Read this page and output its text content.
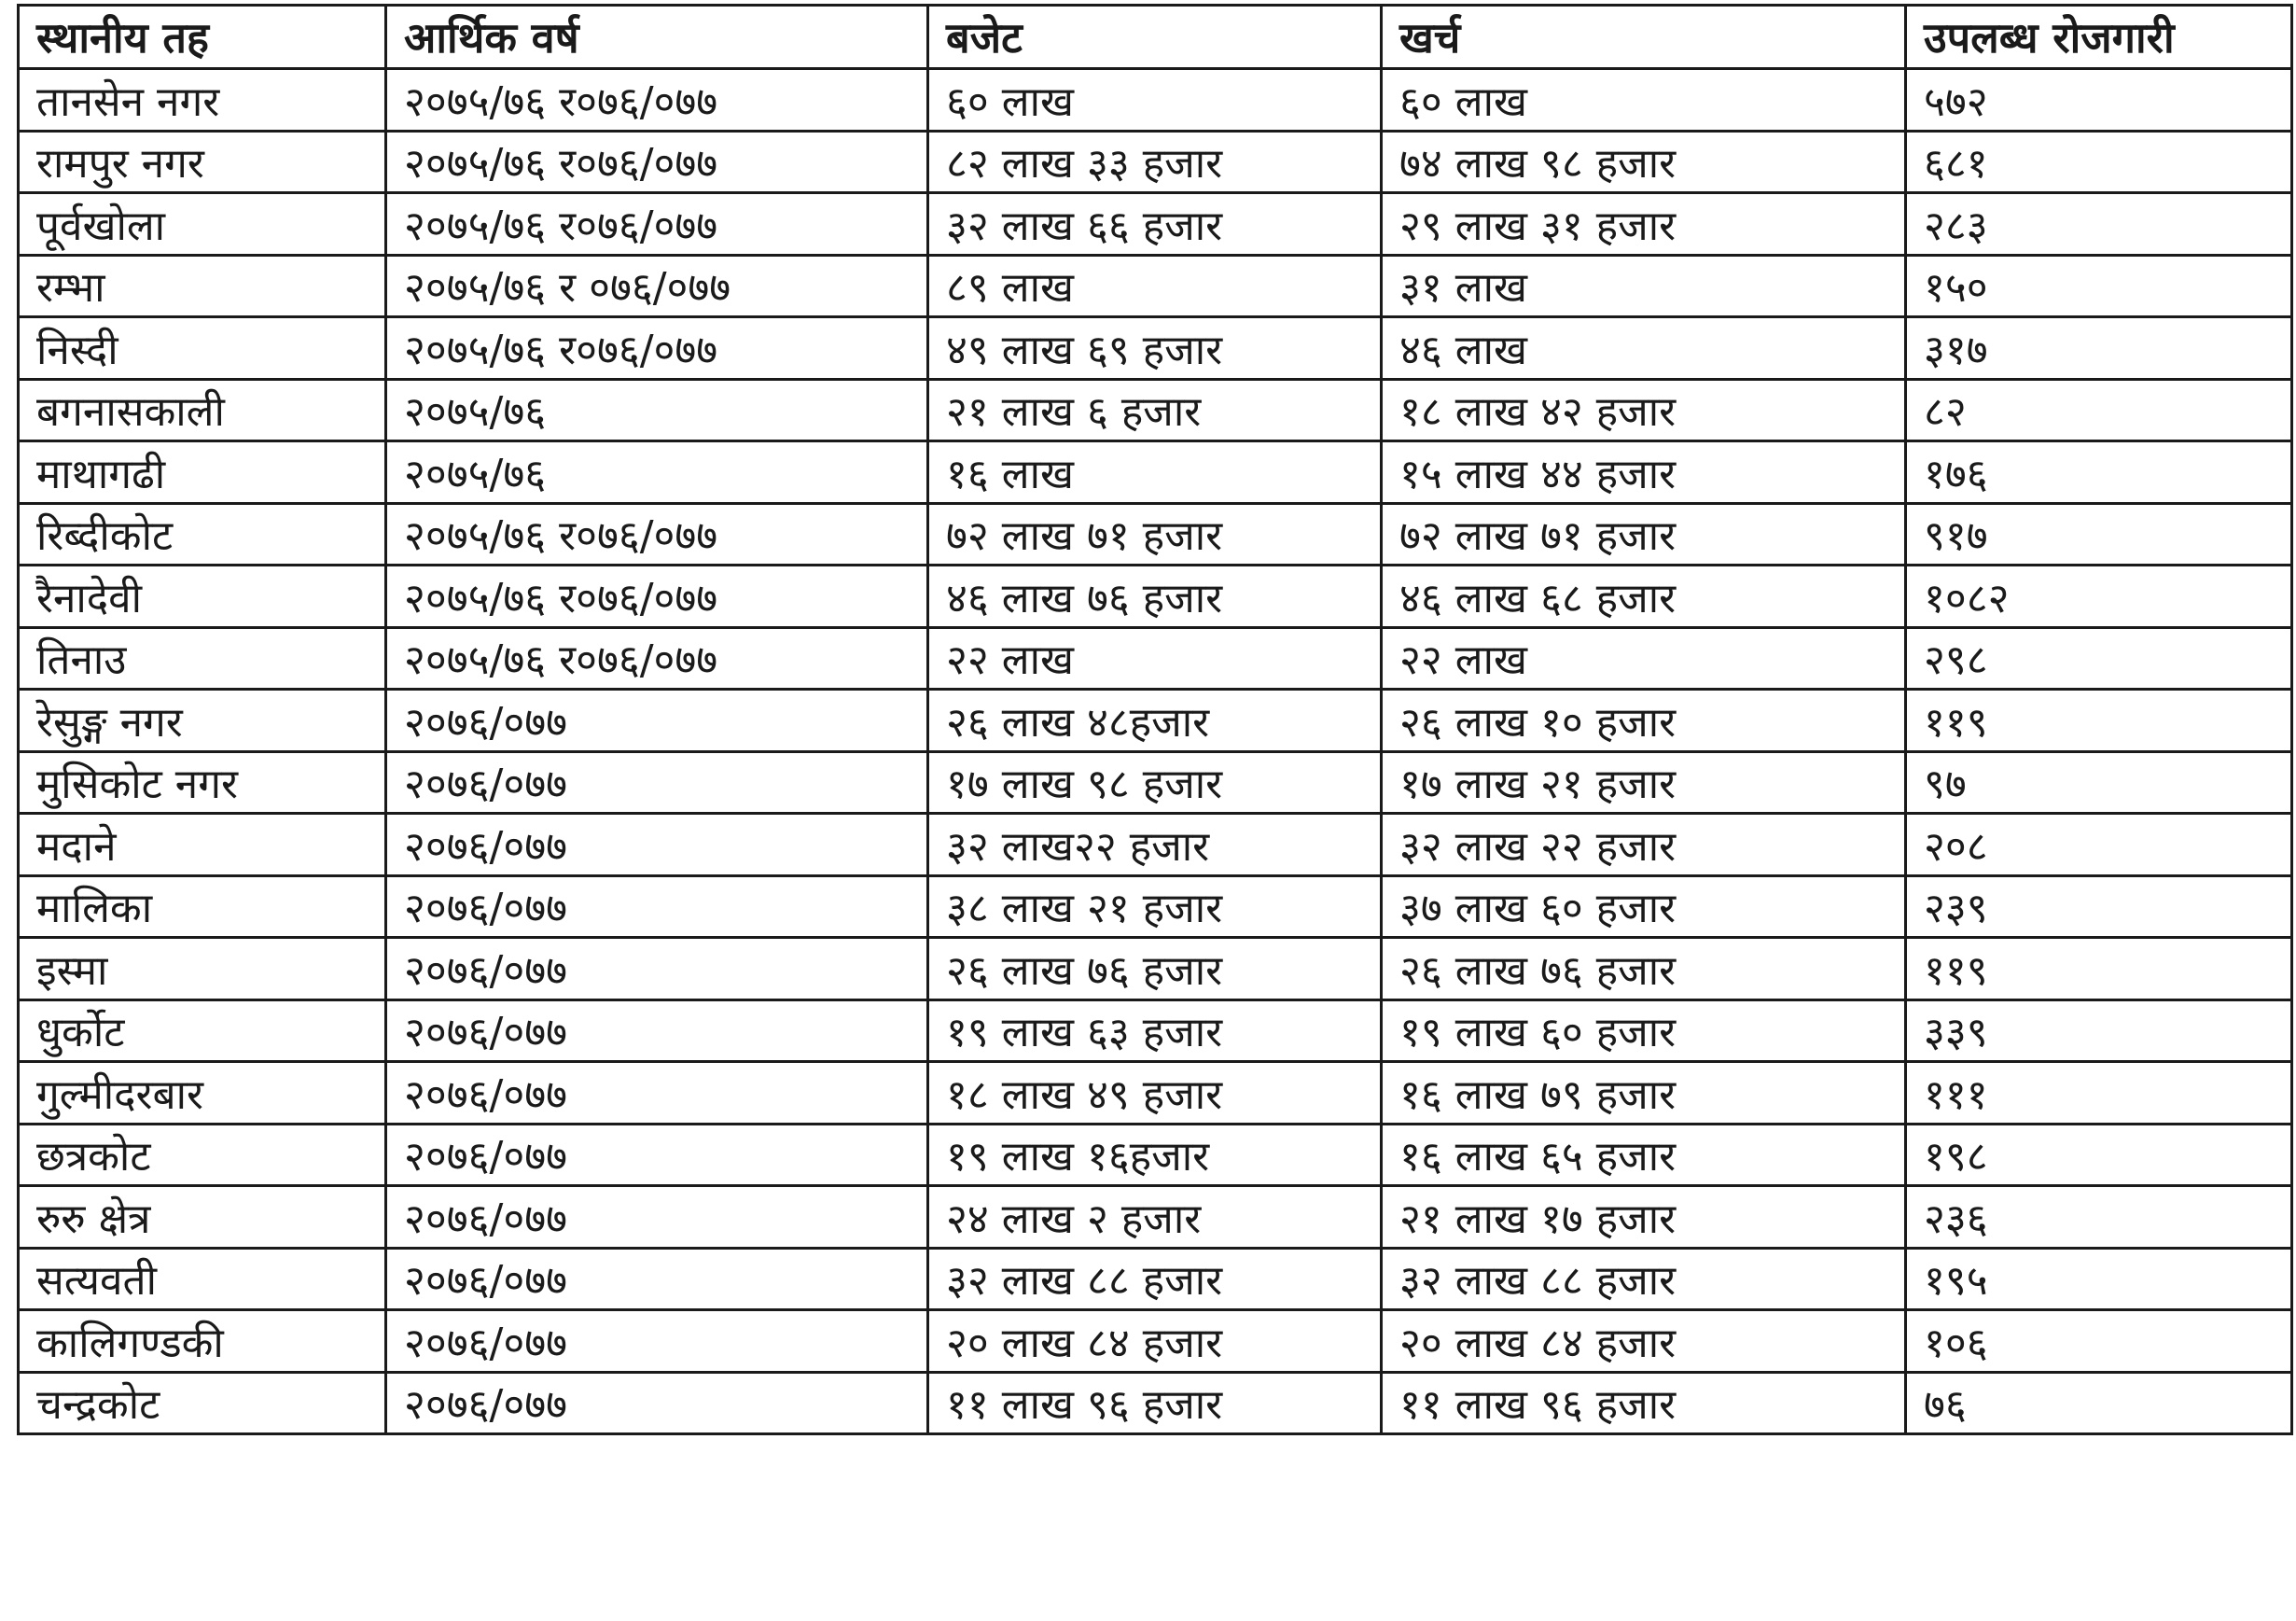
स्थानीय तह	आर्थिक वर्ष	बजेट	खर्च	उपलब्ध रोजगारी
तानसेन नगर	२०७५/७६ र०७६/०७७	६० लाख	६० लाख	५७२
रामपुर नगर	२०७५/७६ र०७६/०७७	८२ लाख ३३ हजार	७४ लाख ९८ हजार	६८१
पूर्वखोला	२०७५/७६ र०७६/०७७	३२ लाख ६६ हजार	२९ लाख ३१ हजार	२८३
रम्भा	२०७५/७६ र ०७६/०७७	८९ लाख	३१ लाख	१५०
निस्दी	२०७५/७६ र०७६/०७७	४९ लाख ६९ हजार	४६ लाख	३१७
बगनासकाली	२०७५/७६	२१ लाख ६ हजार	१८ लाख ४२ हजार	८२
माथागढी	२०७५/७६	१६ लाख	१५ लाख ४४ हजार	१७६
रिब्दीकोट	२०७५/७६ र०७६/०७७	७२ लाख ७१ हजार	७२ लाख ७१ हजार	९१७
रैनादेवी	२०७५/७६ र०७६/०७७	४६ लाख ७६ हजार	४६ लाख ६८ हजार	१०८२
तिनाउ	२०७५/७६ र०७६/०७७	२२ लाख	२२ लाख	२९८
रेसुङ्ग नगर	२०७६/०७७	२६ लाख ४८हजार	२६ लाख १० हजार	११९
मुसिकोट नगर	२०७६/०७७	१७ लाख ९८ हजार	१७ लाख २१ हजार	९७
मदाने	२०७६/०७७	३२ लाख२२ हजार	३२ लाख २२ हजार	२०८
मालिका	२०७६/०७७	३८ लाख २१ हजार	३७ लाख ६० हजार	२३९
इस्मा	२०७६/०७७	२६ लाख ७६ हजार	२६ लाख ७६ हजार	११९
धुर्कोट	२०७६/०७७	१९ लाख ६३ हजार	१९ लाख ६० हजार	३३९
गुल्मीदरबार	२०७६/०७७	१८ लाख ४९ हजार	१६ लाख ७९ हजार	१११
छत्रकोट	२०७६/०७७	१९ लाख १६हजार	१६ लाख ६५ हजार	१९८
रुरु क्षेत्र	२०७६/०७७	२४ लाख २ हजार	२१ लाख १७ हजार	२३६
सत्यवती	२०७६/०७७	३२ लाख ८८ हजार	३२ लाख ८८ हजार	१९५
कालिगण्डकी	२०७६/०७७	२० लाख ८४ हजार	२० लाख ८४ हजार	१०६
चन्द्रकोट	२०७६/०७७	११ लाख ९६ हजार	११ लाख ९६ हजार	७६
